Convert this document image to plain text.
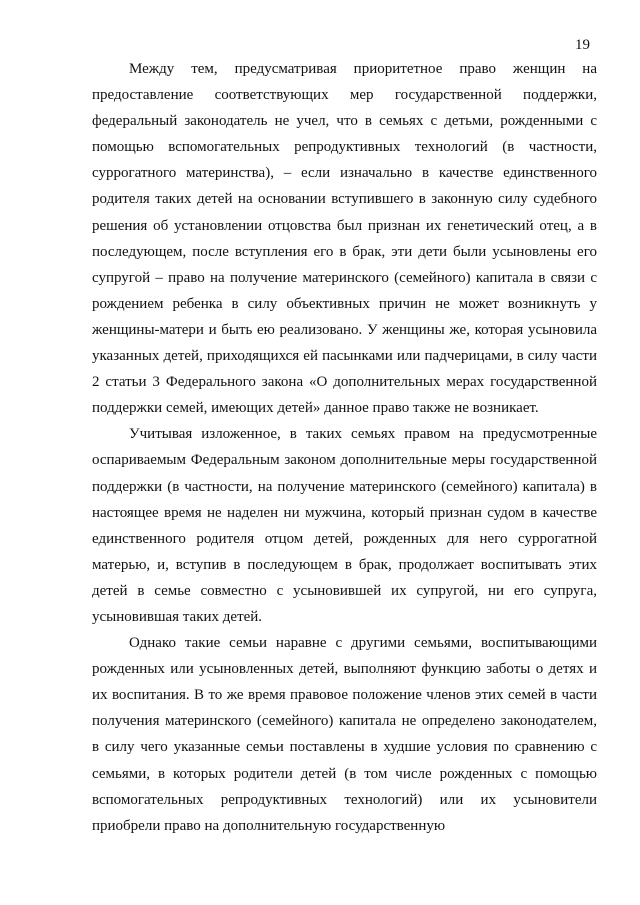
19

Между тем, предусматривая приоритетное право женщин на предоставление соответствующих мер государственной поддержки, федеральный законодатель не учел, что в семьях с детьми, рожденными с помощью вспомогательных репродуктивных технологий (в частности, суррогатного материнства), – если изначально в качестве единственного родителя таких детей на основании вступившего в законную силу судебного решения об установлении отцовства был признан их генетический отец, а в последующем, после вступления его в брак, эти дети были усыновлены его супругой – право на получение материнского (семейного) капитала в связи с рождением ребенка в силу объективных причин не может возникнуть у женщины-матери и быть ею реализовано. У женщины же, которая усыновила указанных детей, приходящихся ей пасынками или падчерицами, в силу части 2 статьи 3 Федерального закона «О дополнительных мерах государственной поддержки семей, имеющих детей» данное право также не возникает.

Учитывая изложенное, в таких семьях правом на предусмотренные оспариваемым Федеральным законом дополнительные меры государственной поддержки (в частности, на получение материнского (семейного) капитала) в настоящее время не наделен ни мужчина, который признан судом в качестве единственного родителя отцом детей, рожденных для него суррогатной матерью, и, вступив в последующем в брак, продолжает воспитывать этих детей в семье совместно с усыновившей их супругой, ни его супруга, усыновившая таких детей.

Однако такие семьи наравне с другими семьями, воспитывающими рожденных или усыновленных детей, выполняют функцию заботы о детях и их воспитания. В то же время правовое положение членов этих семей в части получения материнского (семейного) капитала не определено законодателем, в силу чего указанные семьи поставлены в худшие условия по сравнению с семьями, в которых родители детей (в том числе рожденных с помощью вспомогательных репродуктивных технологий) или их усыновители приобрели право на дополнительную государственную
